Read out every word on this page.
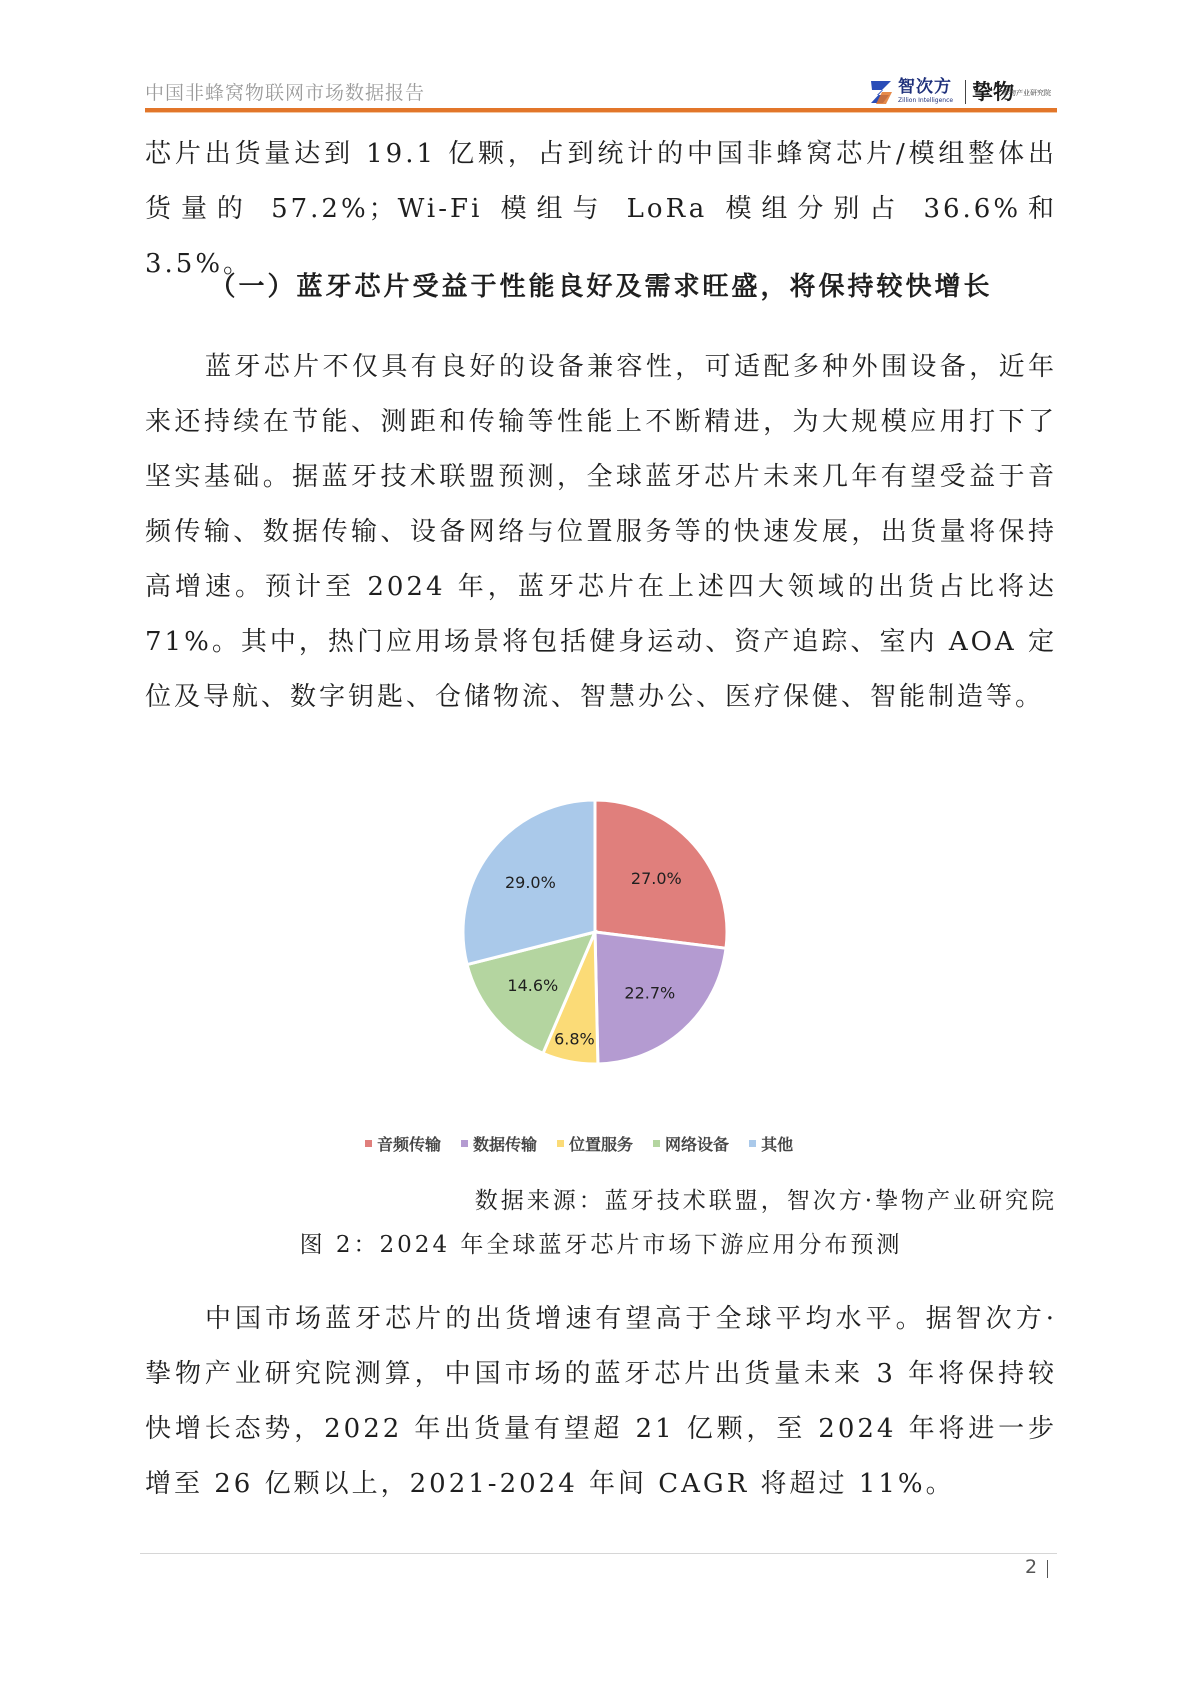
中国非蜂窝物联网市场数据报告	智次方
Zillion Intelligence 挚物
挚物产业研究院

芯片出货量达到 19.1 亿颗，占到统计的中国非蜂窝芯片/模组整体出货量的 57.2%；Wi-Fi 模组与 LoRa 模组分别占 36.6%和 3.5%。

（一）蓝牙芯片受益于性能良好及需求旺盛，将保持较快增长

蓝牙芯片不仅具有良好的设备兼容性，可适配多种外围设备，近年来还持续在节能、测距和传输等性能上不断精进，为大规模应用打下了坚实基础。据蓝牙技术联盟预测，全球蓝牙芯片未来几年有望受益于音频传输、数据传输、设备网络与位置服务等的快速发展，出货量将保持高增速。预计至 2024 年，蓝牙芯片在上述四大领域的出货占比将达 71%。其中，热门应用场景将包括健身运动、资产追踪、室内 AOA 定位及导航、数字钥匙、仓储物流、智慧办公、医疗保健、智能制造等。

27.0%
22.7%
6.8%
14.6%
29.0%
音频传输 数据传输 位置服务 网络设备 其他
数据来源：蓝牙技术联盟，智次方·挚物产业研究院
图 2：2024 年全球蓝牙芯片市场下游应用分布预测

中国市场蓝牙芯片的出货增速有望高于全球平均水平。据智次方·挚物产业研究院测算，中国市场的蓝牙芯片出货量未来 3 年将保持较快增长态势，2022 年出货量有望超 21 亿颗，至 2024 年将进一步增至 26 亿颗以上，2021-2024 年间 CAGR 将超过 11%。

2
